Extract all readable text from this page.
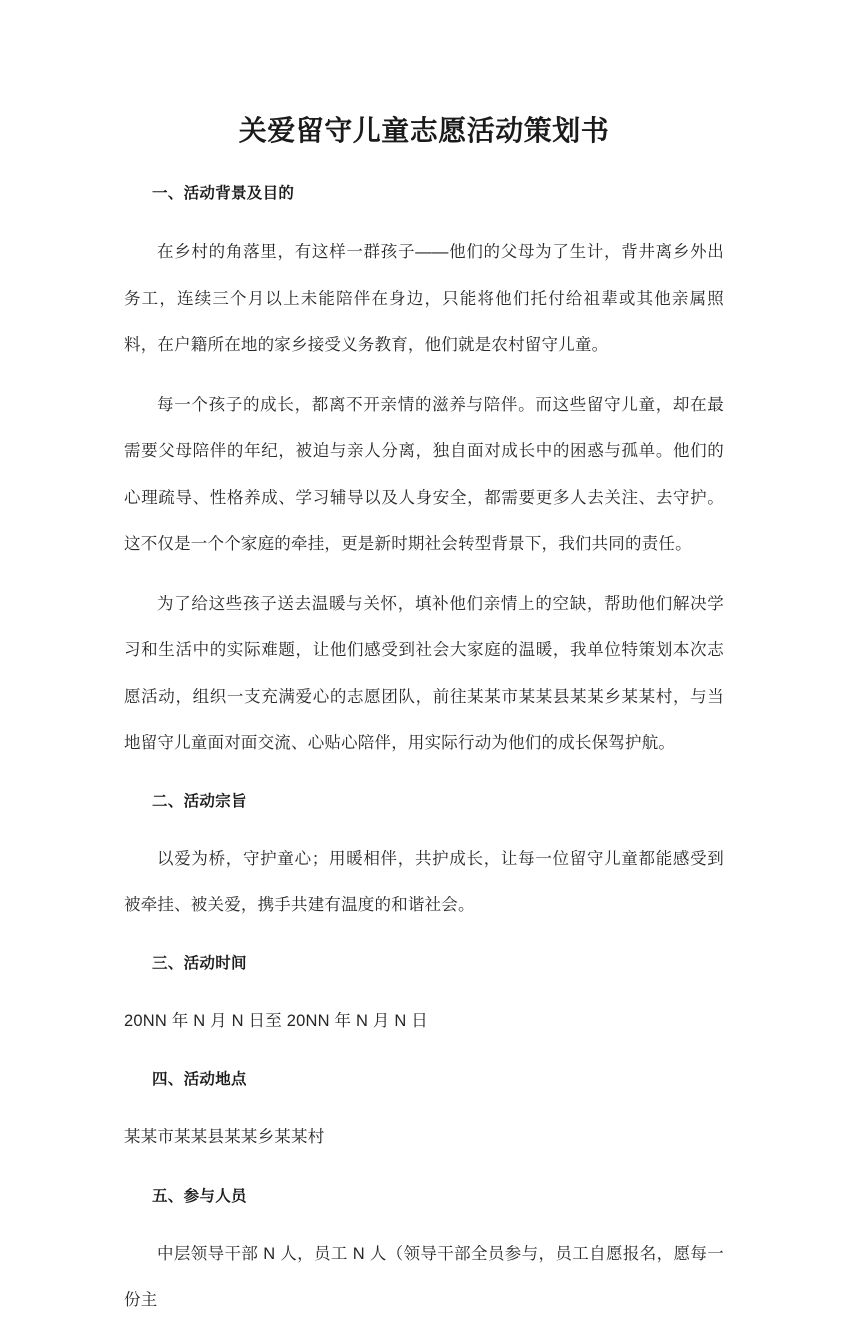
关爱留守儿童志愿活动策划书
一、活动背景及目的

在乡村的角落里，有这样一群孩子——他们的父母为了生计，背井离乡外出务工，连续三个月以上未能陪伴在身边，只能将他们托付给祖辈或其他亲属照料，在户籍所在地的家乡接受义务教育，他们就是农村留守儿童。

每一个孩子的成长，都离不开亲情的滋养与陪伴。而这些留守儿童，却在最需要父母陪伴的年纪，被迫与亲人分离，独自面对成长中的困惑与孤单。他们的心理疏导、性格养成、学习辅导以及人身安全，都需要更多人去关注、去守护。这不仅是一个个家庭的牵挂，更是新时期社会转型背景下，我们共同的责任。

为了给这些孩子送去温暖与关怀，填补他们亲情上的空缺，帮助他们解决学习和生活中的实际难题，让他们感受到社会大家庭的温暖，我单位特策划本次志愿活动，组织一支充满爱心的志愿团队，前往某某市某某县某某乡某某村，与当地留守儿童面对面交流、心贴心陪伴，用实际行动为他们的成长保驾护航。

二、活动宗旨

以爱为桥，守护童心；用暖相伴，共护成长，让每一位留守儿童都能感受到被牵挂、被关爱，携手共建有温度的和谐社会。

三、活动时间

20NN 年 N 月 N 日至 20NN 年 N 月 N 日

四、活动地点

某某市某某县某某乡某某村

五、参与人员

中层领导干部 N 人，员工 N 人（领导干部全员参与，员工自愿报名，愿每一份主
